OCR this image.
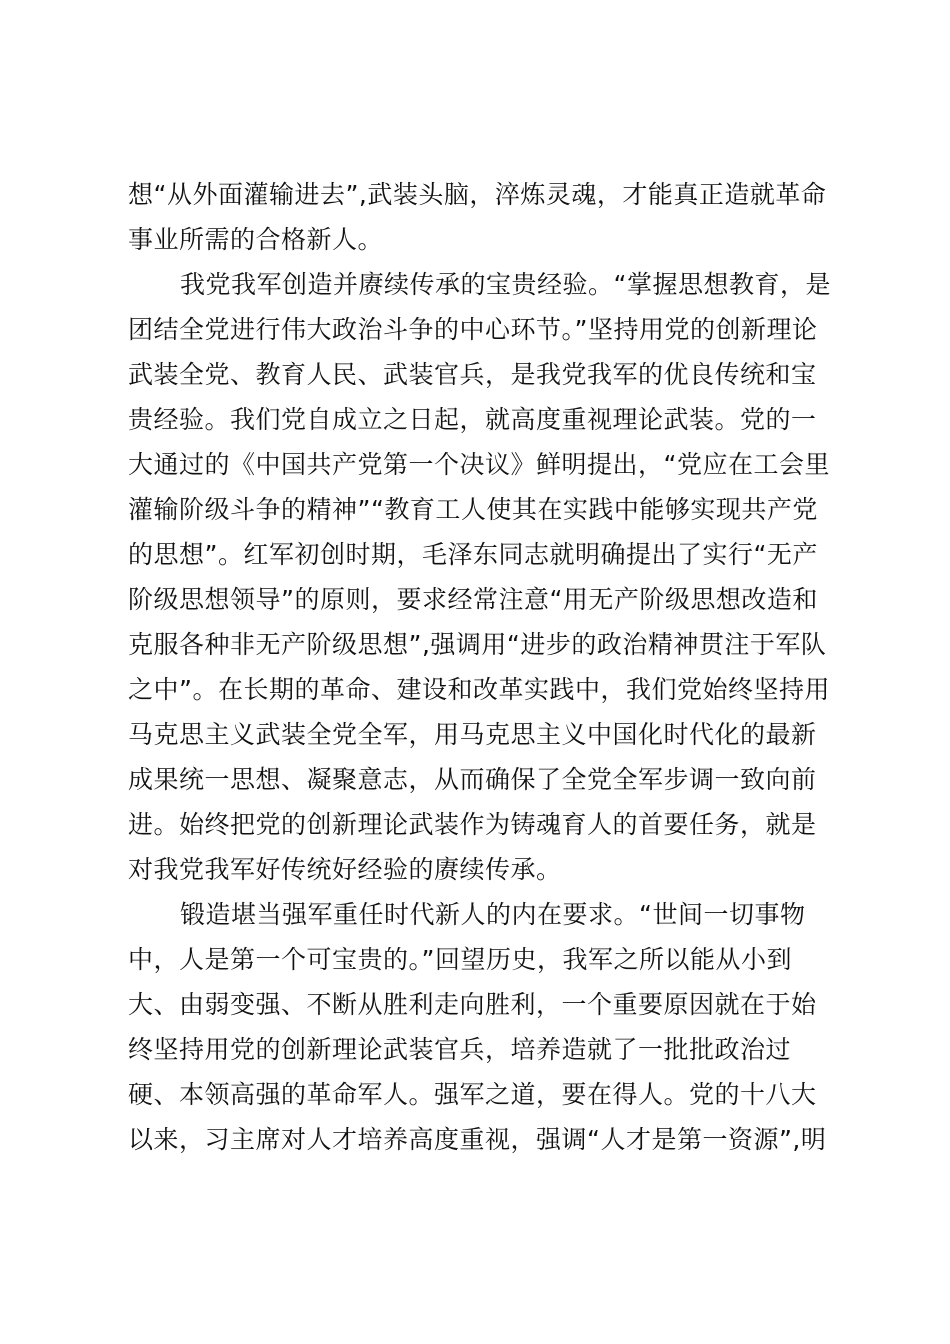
想“从外面灌输进去”,武装头脑，淬炼灵魂，才能真正造就革命
事业所需的合格新人。
我党我军创造并赓续传承的宝贵经验。“掌握思想教育，是
团结全党进行伟大政治斗争的中心环节。”坚持用党的创新理论
武装全党、教育人民、武装官兵，是我党我军的优良传统和宝
贵经验。我们党自成立之日起，就高度重视理论武装。党的一
大通过的《中国共产党第一个决议》鲜明提出，“党应在工会里
灌输阶级斗争的精神”“教育工人使其在实践中能够实现共产党
的思想”。红军初创时期，毛泽东同志就明确提出了实行“无产
阶级思想领导”的原则，要求经常注意“用无产阶级思想改造和
克服各种非无产阶级思想”,强调用“进步的政治精神贯注于军队
之中”。在长期的革命、建设和改革实践中，我们党始终坚持用
马克思主义武装全党全军，用马克思主义中国化时代化的最新
成果统一思想、凝聚意志，从而确保了全党全军步调一致向前
进。始终把党的创新理论武装作为铸魂育人的首要任务，就是
对我党我军好传统好经验的赓续传承。
锻造堪当强军重任时代新人的内在要求。“世间一切事物
中，人是第一个可宝贵的。”回望历史，我军之所以能从小到
大、由弱变强、不断从胜利走向胜利，一个重要原因就在于始
终坚持用党的创新理论武装官兵，培养造就了一批批政治过
硬、本领高强的革命军人。强军之道，要在得人。党的十八大
以来，习主席对人才培养高度重视，强调“人才是第一资源”,明
